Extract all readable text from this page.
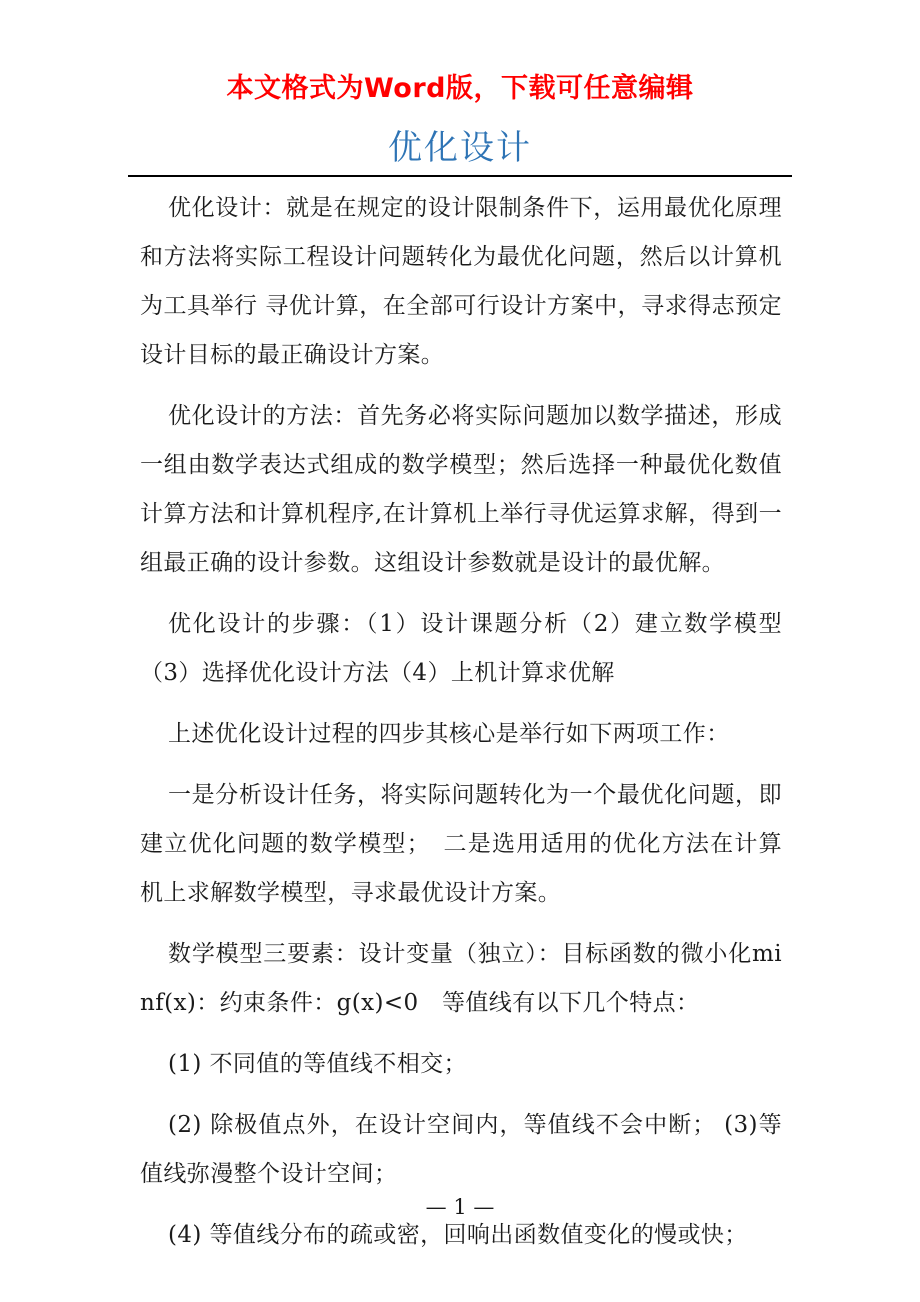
本文格式为Word版，下载可任意编辑
优化设计

优化设计：就是在规定的设计限制条件下，运用最优化原理和方法将实际工程设计问题转化为最优化问题，然后以计算机为工具举行 寻优计算，在全部可行设计方案中，寻求得志预定设计目标的最正确设计方案。

优化设计的方法：首先务必将实际问题加以数学描述，形成一组由数学表达式组成的数学模型；然后选择一种最优化数值计算方法和计算机程序,在计算机上举行寻优运算求解，得到一组最正确的设计参数。这组设计参数就是设计的最优解。

优化设计的步骤：（1）设计课题分析（2）建立数学模型（3）选择优化设计方法（4）上机计算求优解

上述优化设计过程的四步其核心是举行如下两项工作：

一是分析设计任务，将实际问题转化为一个最优化问题，即建立优化问题的数学模型；　二是选用适用的优化方法在计算机上求解数学模型，寻求最优设计方案。

数学模型三要素：设计变量（独立）：目标函数的微小化minf(x)：约束条件：g(x)<0　等值线有以下几个特点：

(1) 不同值的等值线不相交；

(2) 除极值点外，在设计空间内，等值线不会中断； (3)等值线弥漫整个设计空间；

(4) 等值线分布的疏或密，回响出函数值变化的慢或快；

— 1 —
